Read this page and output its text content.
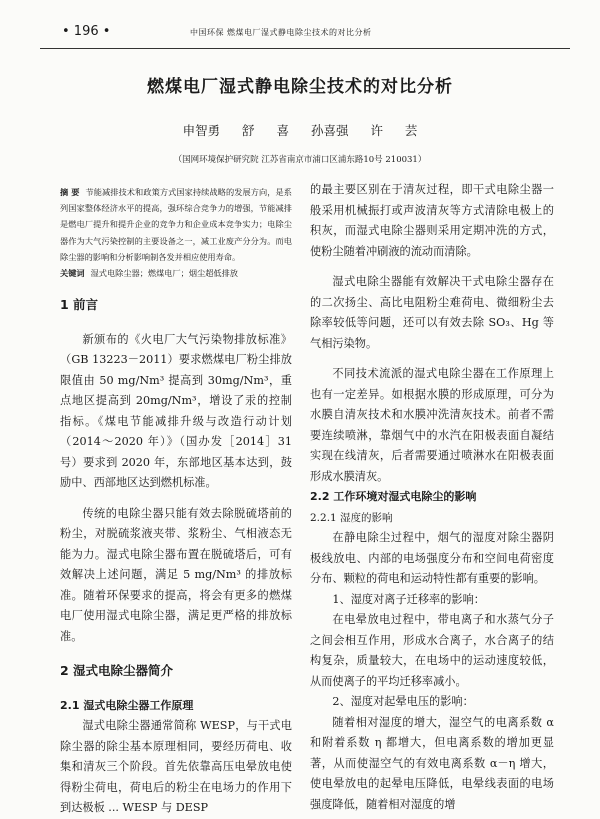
• 196 •	中国环保 燃煤电厂湿式静电除尘技术的对比分析
燃煤电厂湿式静电除尘技术的对比分析
申智勇 舒 喜 孙喜强 许 芸
（国网环境保护研究院 江苏省南京市浦口区浦东路10号 210031）

摘 要 节能减排技术和政策方式国家持续战略的发展方向，是系列国家整体经济水平的提高，强环综合竞争力的增强，节能减排是燃电厂提升和提升企业的竞争力和企业成本竞争实力；电除尘器作为大气污染控制的主要设备之一，减工业废产分分为。而电除尘器的影响和分析影响制各发并相应使用寿命。

关键词 湿式电除尘器；燃煤电厂；烟尘超低排放

1 前言

新颁布的《火电厂大气污染物排放标准》（GB 13223－2011）要求燃煤电厂粉尘排放限值由 50 mg/Nm³ 提高到 30mg/Nm³，重点地区提高到 20mg/Nm³，增设了汞的控制指标。《煤电节能减排升级与改造行动计划（2014～2020 年）》（国办发［2014］31 号）要求到 2020 年，东部地区基本达到，鼓励中、西部地区达到燃机标准。

传统的电除尘器只能有效去除脱硫塔前的粉尘，对脱硫浆液夹带、浆粉尘、气相液态无能为力。湿式电除尘器布置在脱硫塔后，可有效解决上述问题，满足 5 mg/Nm³ 的排放标准。随着环保要求的提高，将会有更多的燃煤电厂使用湿式电除尘器，满足更严格的排放标准。

2 湿式电除尘器简介
2.1 湿式电除尘器工作原理

湿式电除尘器通常简称 WESP，与干式电除尘器的除尘基本原理相同，要经历荷电、收集和清灰三个阶段。首先依靠高压电晕放电使得粉尘荷电，荷电后的粉尘在电场力的作用下到达极板 ... WESP 与 DESP

的最主要区别在于清灰过程，即干式电除尘器一般采用机械振打或声波清灰等方式清除电极上的积灰，而湿式电除尘器则采用定期冲洗的方式，使粉尘随着冲刷液的流动而清除。

湿式电除尘器能有效解决干式电除尘器存在的二次扬尘、高比电阻粉尘难荷电、微细粉尘去除率较低等问题，还可以有效去除 SO₃、Hg 等气相污染物。

不同技术流派的湿式电除尘器在工作原理上也有一定差异。如根据水膜的形成原理，可分为水膜自清灰技术和水膜冲洗清灰技术。前者不需要连续喷淋，靠烟气中的水汽在阳极表面自凝结实现在线清灰，后者需要通过喷淋水在阳极表面形成水膜清灰。

2.2 工作环境对湿式电除尘的影响
2.2.1 湿度的影响

在静电除尘过程中，烟气的湿度对除尘器阴极线放电、内部的电场强度分布和空间电荷密度分布、颗粒的荷电和运动特性都有重要的影响。

1、湿度对离子迁移率的影响：

在电晕放电过程中，带电离子和水蒸气分子之间会相互作用，形成水合离子，水合离子的结构复杂，质量较大，在电场中的运动速度较低，从而使离子的平均迁移率减小。

2、湿度对起晕电压的影响：

随着相对湿度的增大，湿空气的电离系数 α 和附着系数 η 都增大，但电离系数的增加更显著，从而使湿空气的有效电离系数 α－η 增大，使电晕放电的起晕电压降低，电晕线表面的电场强度降低，随着相对湿度的增
